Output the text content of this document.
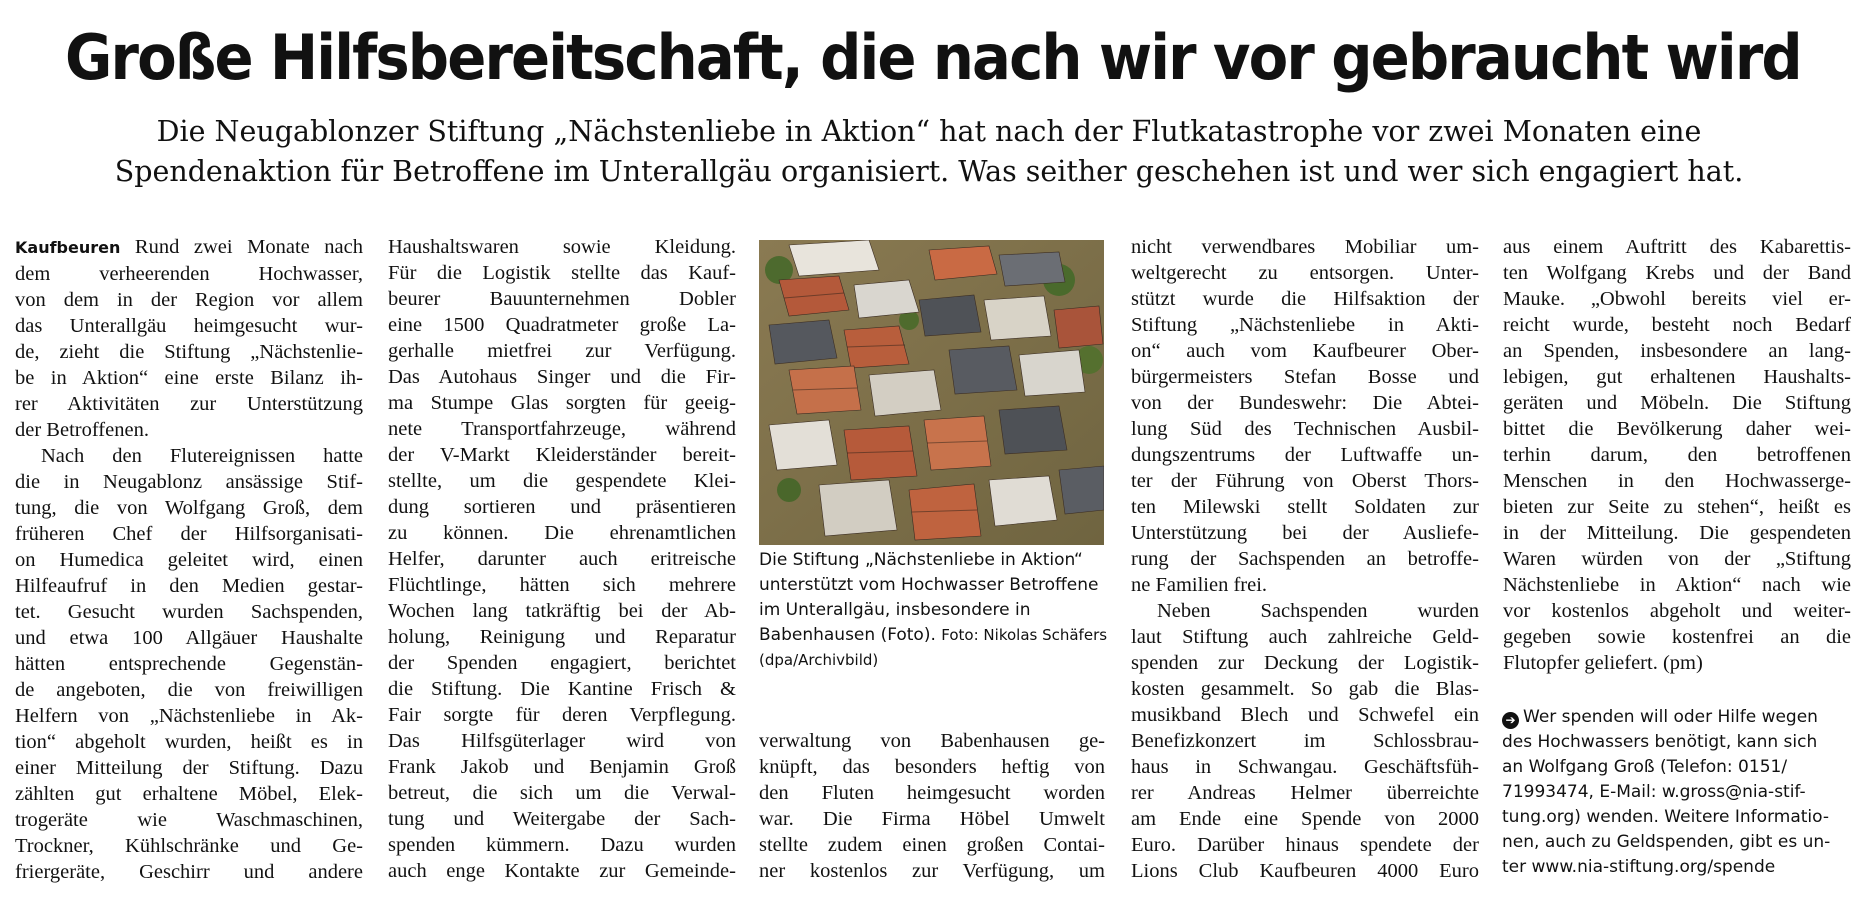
Große Hilfsbereitschaft, die nach wir vor gebraucht wird
Die Neugablonzer Stiftung „Nächstenliebe in Aktion“ hat nach der Flutkatastrophe vor zwei Monaten eine
Spendenaktion für Betroffene im Unterallgäu organisiert. Was seither geschehen ist und wer sich engagiert hat.
Kaufbeuren Rund zwei Monate nach
dem verheerenden Hochwasser,
von dem in der Region vor allem
das Unterallgäu heimgesucht wur-
de, zieht die Stiftung „Nächstenlie-
be in Aktion“ eine erste Bilanz ih-
rer Aktivitäten zur Unterstützung
der Betroffenen.
Nach den Flutereignissen hatte
die in Neugablonz ansässige Stif-
tung, die von Wolfgang Groß, dem
früheren Chef der Hilfsorganisati-
on Humedica geleitet wird, einen
Hilfeaufruf in den Medien gestar-
tet. Gesucht wurden Sachspenden,
und etwa 100 Allgäuer Haushalte
hätten entsprechende Gegenstän-
de angeboten, die von freiwilligen
Helfern von „Nächstenliebe in Ak-
tion“ abgeholt wurden, heißt es in
einer Mitteilung der Stiftung. Dazu
zählten gut erhaltene Möbel, Elek-
trogeräte wie Waschmaschinen,
Trockner, Kühlschränke und Ge-
friergeräte, Geschirr und andere
Haushaltswaren sowie Kleidung.
Für die Logistik stellte das Kauf-
beurer Bauunternehmen Dobler
eine 1500 Quadratmeter große La-
gerhalle mietfrei zur Verfügung.
Das Autohaus Singer und die Fir-
ma Stumpe Glas sorgten für geeig-
nete Transportfahrzeuge, während
der V-Markt Kleiderständer bereit-
stellte, um die gespendete Klei-
dung sortieren und präsentieren
zu können. Die ehrenamtlichen
Helfer, darunter auch eritreische
Flüchtlinge, hätten sich mehrere
Wochen lang tatkräftig bei der Ab-
holung, Reinigung und Reparatur
der Spenden engagiert, berichtet
die Stiftung. Die Kantine Frisch &
Fair sorgte für deren Verpflegung.
Das Hilfsgüterlager wird von
Frank Jakob und Benjamin Groß
betreut, die sich um die Verwal-
tung und Weitergabe der Sach-
spenden kümmern. Dazu wurden
auch enge Kontakte zur Gemeinde-
Die Stiftung „Nächstenliebe in Aktion“ unterstützt vom Hochwasser Betroffene im Unterallgäu, insbesondere in Babenhausen (Foto). Foto: Nikolas Schäfers (dpa/Archivbild)
verwaltung von Babenhausen ge-
knüpft, das besonders heftig von
den Fluten heimgesucht worden
war. Die Firma Höbel Umwelt
stellte zudem einen großen Contai-
ner kostenlos zur Verfügung, um
nicht verwendbares Mobiliar um-
weltgerecht zu entsorgen. Unter-
stützt wurde die Hilfsaktion der
Stiftung „Nächstenliebe in Akti-
on“ auch vom Kaufbeurer Ober-
bürgermeisters Stefan Bosse und
von der Bundeswehr: Die Abtei-
lung Süd des Technischen Ausbil-
dungszentrums der Luftwaffe un-
ter der Führung von Oberst Thors-
ten Milewski stellt Soldaten zur
Unterstützung bei der Ausliefe-
rung der Sachspenden an betroffe-
ne Familien frei.
Neben Sachspenden wurden
laut Stiftung auch zahlreiche Geld-
spenden zur Deckung der Logistik-
kosten gesammelt. So gab die Blas-
musikband Blech und Schwefel ein
Benefizkonzert im Schlossbrau-
haus in Schwangau. Geschäftsfüh-
rer Andreas Helmer überreichte
am Ende eine Spende von 2000
Euro. Darüber hinaus spendete der
Lions Club Kaufbeuren 4000 Euro
aus einem Auftritt des Kabarettis-
ten Wolfgang Krebs und der Band
Mauke. „Obwohl bereits viel er-
reicht wurde, besteht noch Bedarf
an Spenden, insbesondere an lang-
lebigen, gut erhaltenen Haushalts-
geräten und Möbeln. Die Stiftung
bittet die Bevölkerung daher wei-
terhin darum, den betroffenen
Menschen in den Hochwasserge-
bieten zur Seite zu stehen“, heißt es
in der Mitteilung. Die gespendeten
Waren würden von der „Stiftung
Nächstenliebe in Aktion“ nach wie
vor kostenlos abgeholt und weiter-
gegeben sowie kostenfrei an die
Flutopfer geliefert. (pm)
➔ Wer spenden will oder Hilfe wegen
des Hochwassers benötigt, kann sich
an Wolfgang Groß (Telefon: 0151/
71993474, E-Mail: w.gross@nia-stif-
tung.org) wenden. Weitere Informatio-
nen, auch zu Geldspenden, gibt es un-
ter www.nia-stiftung.org/spende
